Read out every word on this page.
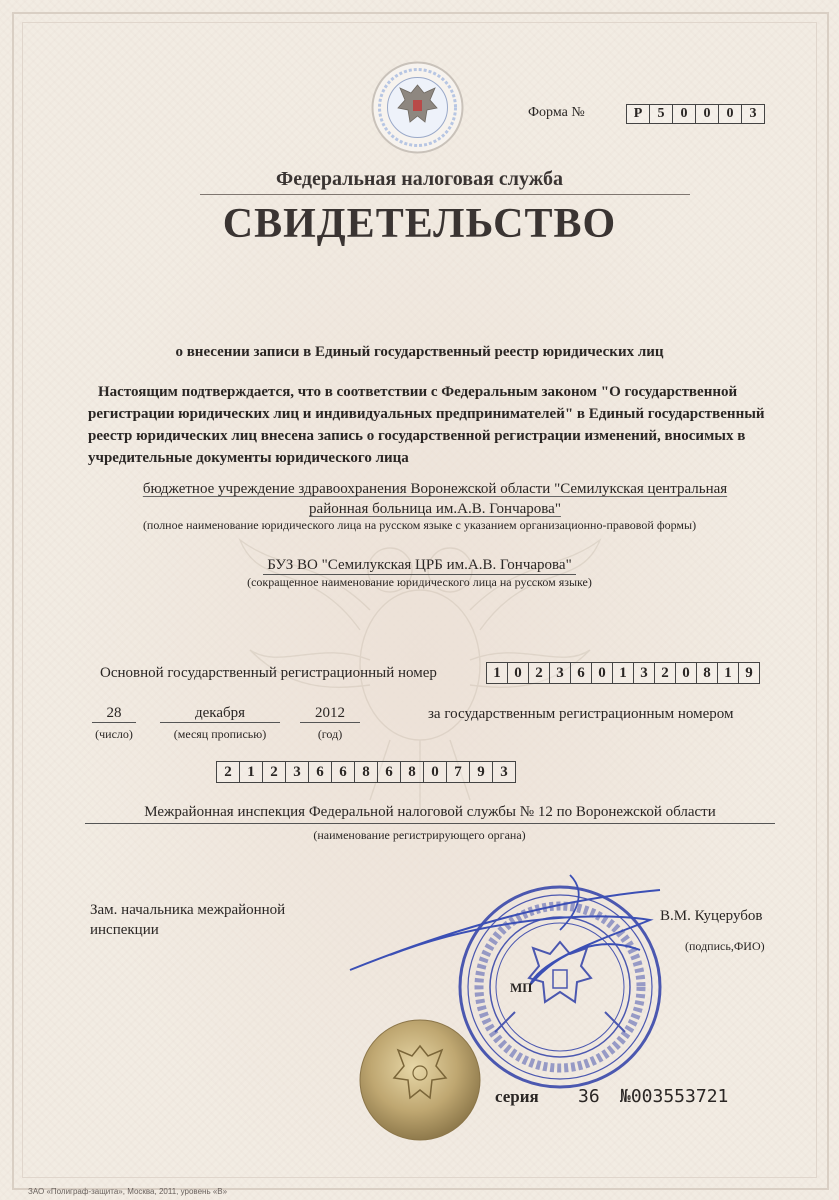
Форма №	Р	5	0	0	0	3
Федеральная налоговая служба
СВИДЕТЕЛЬСТВО
о внесении записи в Единый государственный реестр юридических лиц
Настоящим подтверждается, что в соответствии с Федеральным законом "О государственной регистрации юридических лиц и индивидуальных предпринимателей" в Единый государственный реестр юридических лиц внесена запись о государственной регистрации изменений, вносимых в учредительные документы юридического лица
бюджетное учреждение здравоохранения Воронежской области "Семилукская центральная
районная больница им.А.В. Гончарова"
(полное наименование юридического лица на русском языке с указанием организационно-правовой формы)
БУЗ ВО "Семилукская ЦРБ им.А.В. Гончарова"
(сокращенное наименование юридического лица на русском языке)
Основной государственный регистрационный номер	1 0 2 3 6 0 1 3 2 0 8 1 9
28
(число)
декабря
(месяц прописью)
2012
(год)
за государственным регистрационным номером
2	1	2	3	6	6	8	6	8	0	7	9	3
Межрайонная инспекция Федеральной налоговой службы № 12 по Воронежской области
(наименование регистрирующего органа)
Зам. начальника межрайонной
инспекции
В.М. Куцерубов
(подпись,ФИО)
МП
серия 36 №003553721
ЗАО «Полиграф-защита», Москва, 2011, уровень «В»
